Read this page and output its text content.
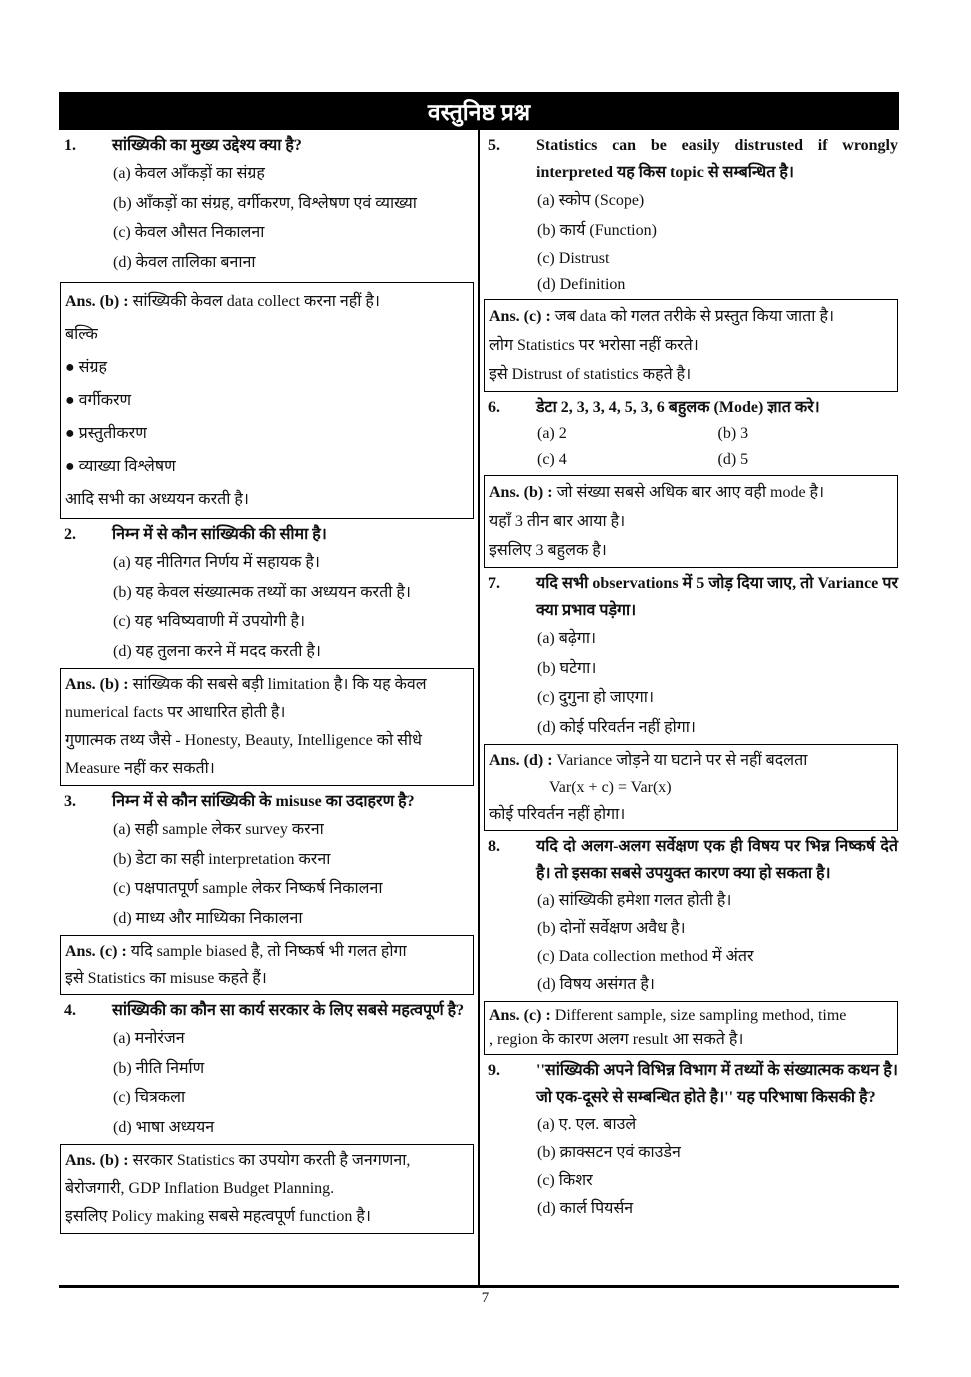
वस्तुनिष्ठ प्रश्न
1.	सांख्यिकी का मुख्य उद्देश्य क्या है?
(a) केवल आँकड़ों का संग्रह
(b) आँकड़ों का संग्रह, वर्गीकरण, विश्लेषण एवं व्याख्या
(c) केवल औसत निकालना
(d) केवल तालिका बनाना
Ans. (b) : सांख्यिकी केवल data collect करना नहीं है।
बल्कि
● संग्रह
● वर्गीकरण
● प्रस्तुतीकरण
● व्याख्या विश्लेषण
आदि सभी का अध्ययन करती है।
2.	निम्न में से कौन सांख्यिकी की सीमा है।
(a) यह नीतिगत निर्णय में सहायक है।
(b) यह केवल संख्यात्मक तथ्यों का अध्ययन करती है।
(c) यह भविष्यवाणी में उपयोगी है।
(d) यह तुलना करने में मदद करती है।
Ans. (b) : सांख्यिक की सबसे बड़ी limitation है। कि यह केवल
numerical facts पर आधारित होती है।
गुणात्मक तथ्य जैसे - Honesty, Beauty, Intelligence को सीधे
Measure नहीं कर सकती।
3.	निम्न में से कौन सांख्यिकी के misuse का उदाहरण है?
(a) सही sample लेकर survey करना
(b) डेटा का सही interpretation करना
(c) पक्षपातपूर्ण sample लेकर निष्कर्ष निकालना
(d) माध्य और माध्यिका निकालना
Ans. (c) : यदि sample biased है, तो निष्कर्ष भी गलत होगा
इसे Statistics का misuse कहते हैं।
4.	सांख्यिकी का कौन सा कार्य सरकार के लिए सबसे महत्वपूर्ण है?
(a) मनोरंजन
(b) नीति निर्माण
(c) चित्रकला
(d) भाषा अध्ययन
Ans. (b) : सरकार Statistics का उपयोग करती है जनगणना,
बेरोजगारी, GDP Inflation Budget Planning.
इसलिए Policy making सबसे महत्वपूर्ण function है।
5.	Statistics can be easily distrusted if wrongly interpreted यह किस topic से सम्बन्धित है।
(a) स्कोप (Scope)
(b) कार्य (Function)
(c) Distrust
(d) Definition
Ans. (c) : जब data को गलत तरीके से प्रस्तुत किया जाता है।
लोग Statistics पर भरोसा नहीं करते।
इसे Distrust of statistics कहते है।
6.	डेटा 2, 3, 3, 4, 5, 3, 6 बहुलक (Mode) ज्ञात करे।
(a) 2	(b) 3
(c) 4	(d) 5
Ans. (b) : जो संख्या सबसे अधिक बार आए वही mode है।
यहाँ 3 तीन बार आया है।
इसलिए 3 बहुलक है।
7.	यदि सभी observations में 5 जोड़ दिया जाए, तो Variance पर क्या प्रभाव पड़ेगा।
(a) बढ़ेगा।
(b) घटेगा।
(c) दुगुना हो जाएगा।
(d) कोई परिवर्तन नहीं होगा।
Ans. (d) : Variance जोड़ने या घटाने पर से नहीं बदलता
Var(x + c) = Var(x)
कोई परिवर्तन नहीं होगा।
8.	यदि दो अलग-अलग सर्वेक्षण एक ही विषय पर भिन्न निष्कर्ष देते है। तो इसका सबसे उपयुक्त कारण क्या हो सकता है।
(a) सांख्यिकी हमेशा गलत होती है।
(b) दोनों सर्वेक्षण अवैध है।
(c) Data collection method में अंतर
(d) विषय असंगत है।
Ans. (c) : Different sample, size sampling method, time
, region के कारण अलग result आ सकते है।
9.	''सांख्यिकी अपने विभिन्न विभाग में तथ्यों के संख्यात्मक कथन है। जो एक-दूसरे से सम्बन्धित होते है।'' यह परिभाषा किसकी है?
(a) ए. एल. बाउले
(b) क्राक्सटन एवं काउडेन
(c) किशर
(d) कार्ल पियर्सन
7
